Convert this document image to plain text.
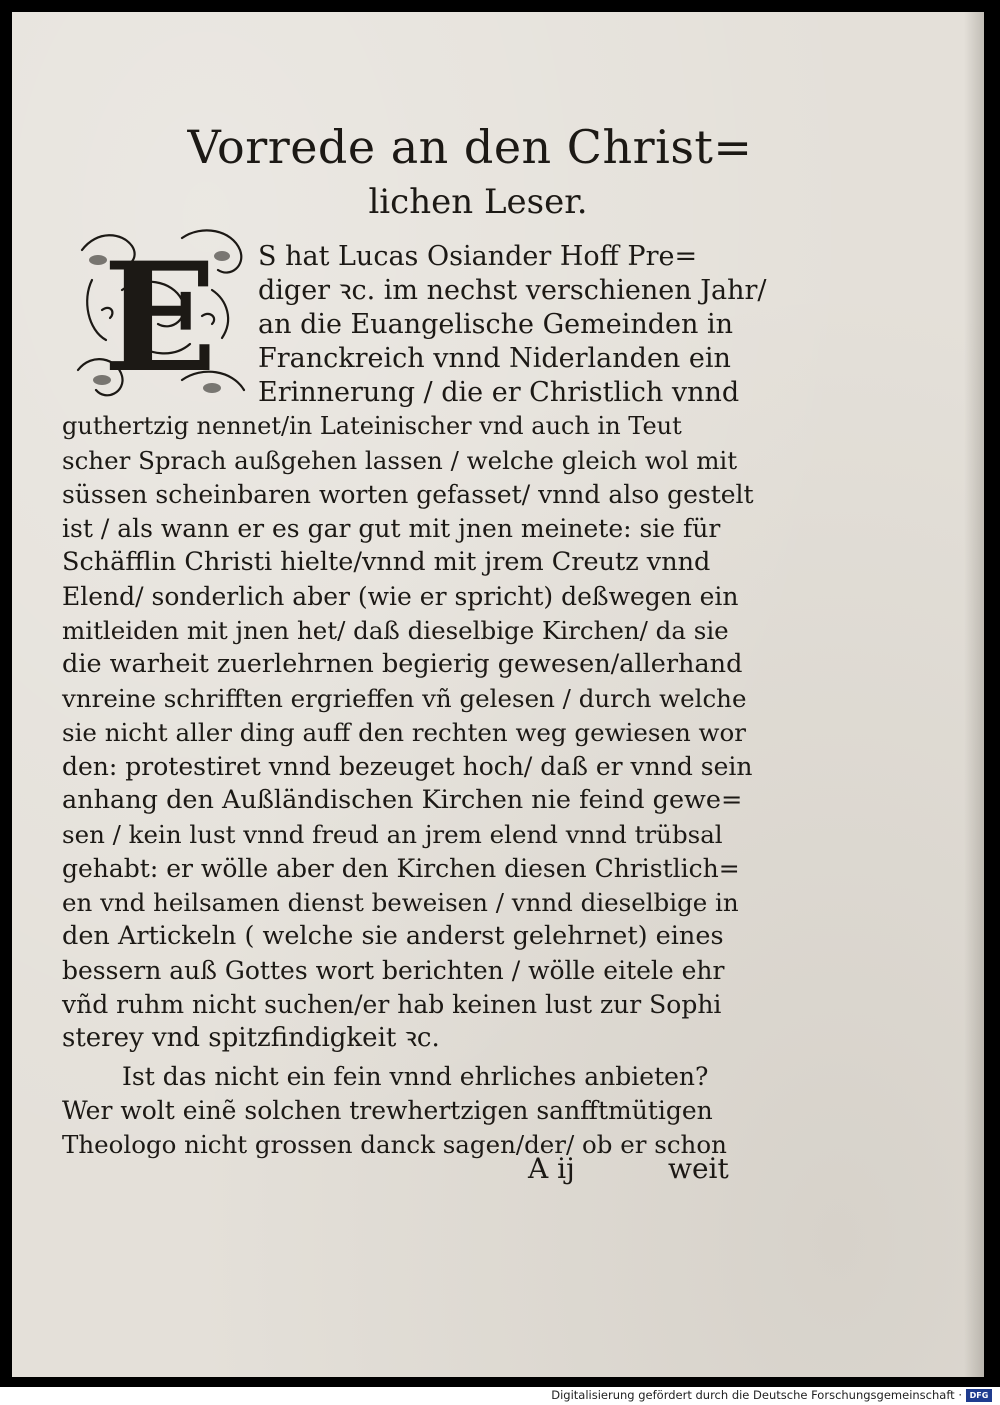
Vorrede an den Christ=
lichen Leser.
E S hat Lucas Osiander Hoff Pre=
diger ꝛc. im nechst verschienen Jahr/
an die Euangelische Gemeinden in
Franckreich vnnd Niderlanden ein
Erinnerung / die er Christlich vnnd
guthertzig nennet/in Lateinischer vnd auch in Teut
scher Sprach außgehen lassen / welche gleich wol mit
süssen scheinbaren worten gefasset/ vnnd also gestelt
ist / als wann er es gar gut mit jnen meinete: sie für
Schäfflin Christi hielte/vnnd mit jrem Creutz vnnd
Elend/ sonderlich aber (wie er spricht) deßwegen ein
mitleiden mit jnen het/ daß dieselbige Kirchen/ da sie
die warheit zuerlehrnen begierig gewesen/allerhand
vnreine schrifften ergrieffen vñ gelesen / durch welche
sie nicht aller ding auff den rechten weg gewiesen wor
den: protestiret vnnd bezeuget hoch/ daß er vnnd sein
anhang den Außländischen Kirchen nie feind gewe=
sen / kein lust vnnd freud an jrem elend vnnd trübsal
gehabt: er wölle aber den Kirchen diesen Christlich=
en vnd heilsamen dienst beweisen / vnnd dieselbige in
den Artickeln ( welche sie anderst gelehrnet) eines
bessern auß Gottes wort berichten / wölle eitele ehr
vñd ruhm nicht suchen/er hab keinen lust zur Sophi
sterey vnd spitzfindigkeit ꝛc.
Ist das nicht ein fein vnnd ehrliches anbieten?
Wer wolt einẽ solchen trewhertzigen sanfftmütigen
Theologo nicht grossen danck sagen/der/ ob er schon
A ij	weit
Digitalisierung gefördert durch die Deutsche Forschungsgemeinschaft · DFG
